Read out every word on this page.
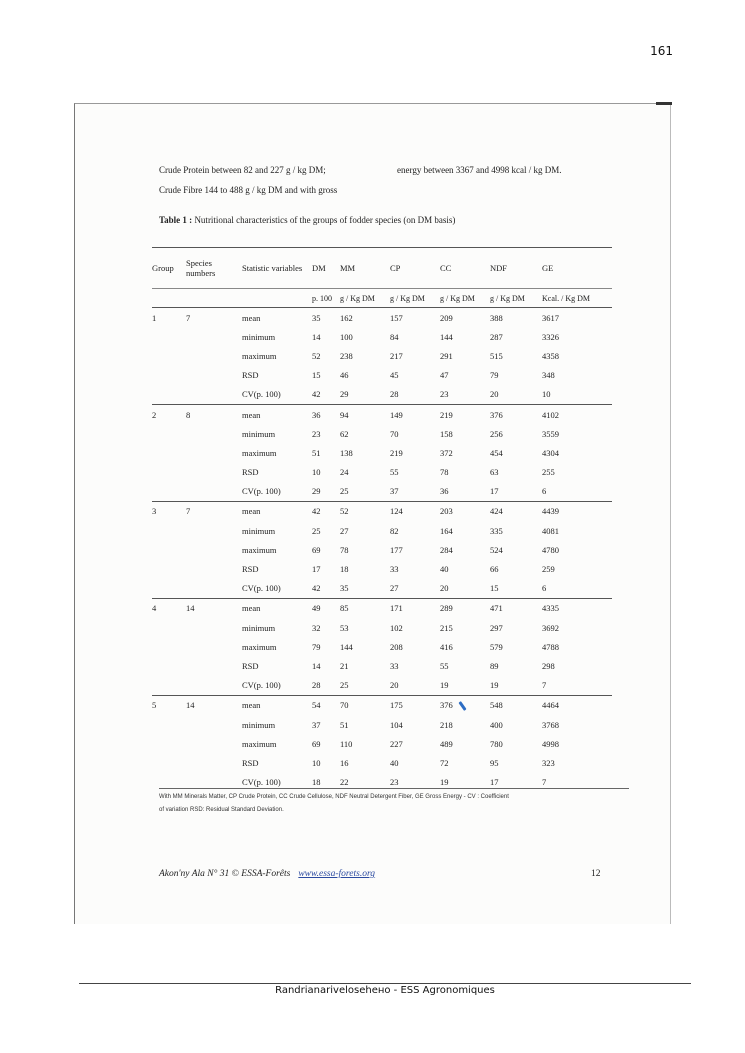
161
Crude Protein between 82 and 227 g / kg DM;
Crude Fibre 144 to 488 g / kg DM and with gross
energy between 3367 and 4998 kcal / kg DM.
Table 1 : Nutritional characteristics of the groups of fodder species (on DM basis)
Group	Species numbers	Statistic variables	DM	MM	CP	CC	NDF	GE
			p. 100	g / Kg DM	g / Kg DM	g / Kg DM	g / Kg DM	Kcal. / Kg DM
1	7	mean	35	162	157	209	388	3617
		minimum	14	100	84	144	287	3326
		maximum	52	238	217	291	515	4358
		RSD	15	46	45	47	79	348
		CV(p. 100)	42	29	28	23	20	10
2	8	mean	36	94	149	219	376	4102
		minimum	23	62	70	158	256	3559
		maximum	51	138	219	372	454	4304
		RSD	10	24	55	78	63	255
		CV(p. 100)	29	25	37	36	17	6
3	7	mean	42	52	124	203	424	4439
		minimum	25	27	82	164	335	4081
		maximum	69	78	177	284	524	4780
		RSD	17	18	33	40	66	259
		CV(p. 100)	42	35	27	20	15	6
4	14	mean	49	85	171	289	471	4335
		minimum	32	53	102	215	297	3692
		maximum	79	144	208	416	579	4788
		RSD	14	21	33	55	89	298
		CV(p. 100)	28	25	20	19	19	7
5	14	mean	54	70	175	376	548	4464
		minimum	37	51	104	218	400	3768
		maximum	69	110	227	489	780	4998
		RSD	10	16	40	72	95	323
		CV(p. 100)	18	22	23	19	17	7
With MM Minerals Matter, CP Crude Protein, CC Crude Cellulose, NDF Neutral Detergent Fiber, GE Gross Energy - CV : Coefficient
of variation RSD: Residual Standard Deviation.
Akon'ny Ala N° 31 © ESSA-Forêts www.essa-forets.org	12
Randrianarivelosehено - ESS Agronomiques
